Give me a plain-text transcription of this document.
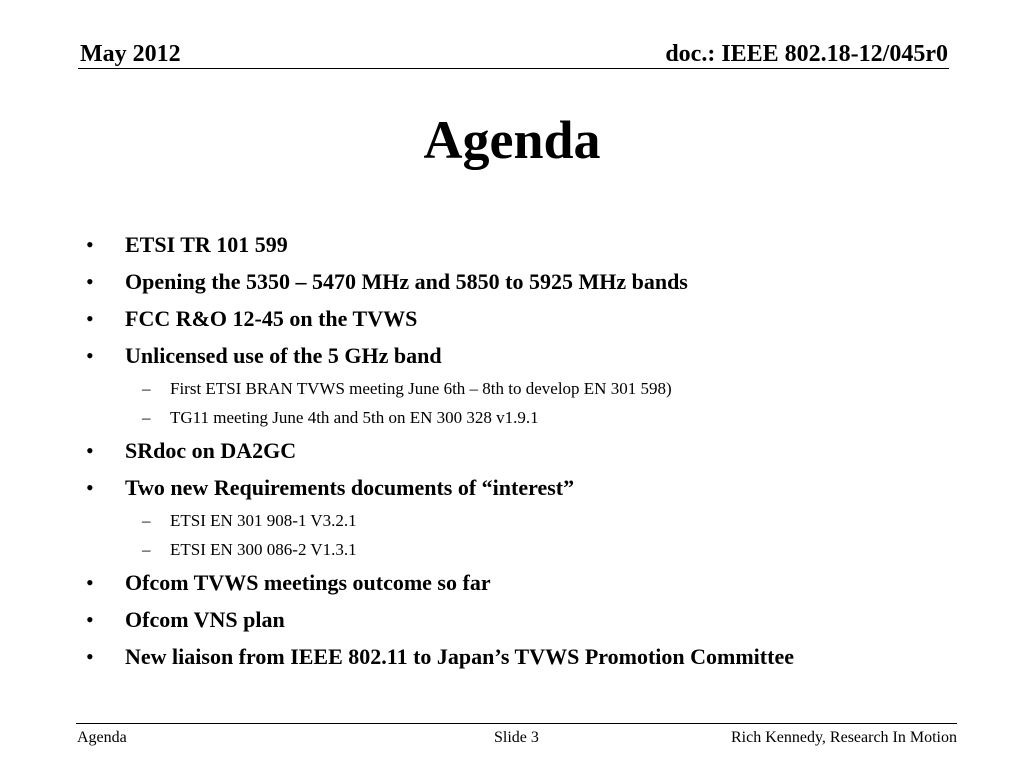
May 2012	doc.: IEEE 802.18-12/045r0
Agenda
• ETSI TR 101 599
• Opening the 5350 – 5470 MHz and 5850 to 5925 MHz bands
• FCC R&O 12-45 on the TVWS
• Unlicensed use of the 5 GHz band
– First ETSI BRAN TVWS meeting June 6th – 8th to develop EN 301 598)
– TG11 meeting June 4th and 5th on EN 300 328 v1.9.1
• SRdoc on DA2GC
• Two new Requirements documents of “interest”
– ETSI EN 301 908-1 V3.2.1
– ETSI EN 300 086-2 V1.3.1
• Ofcom TVWS meetings outcome so far
• Ofcom VNS plan
• New liaison from IEEE 802.11 to Japan’s TVWS Promotion Committee
Agenda	Slide 3	Rich Kennedy, Research In Motion
